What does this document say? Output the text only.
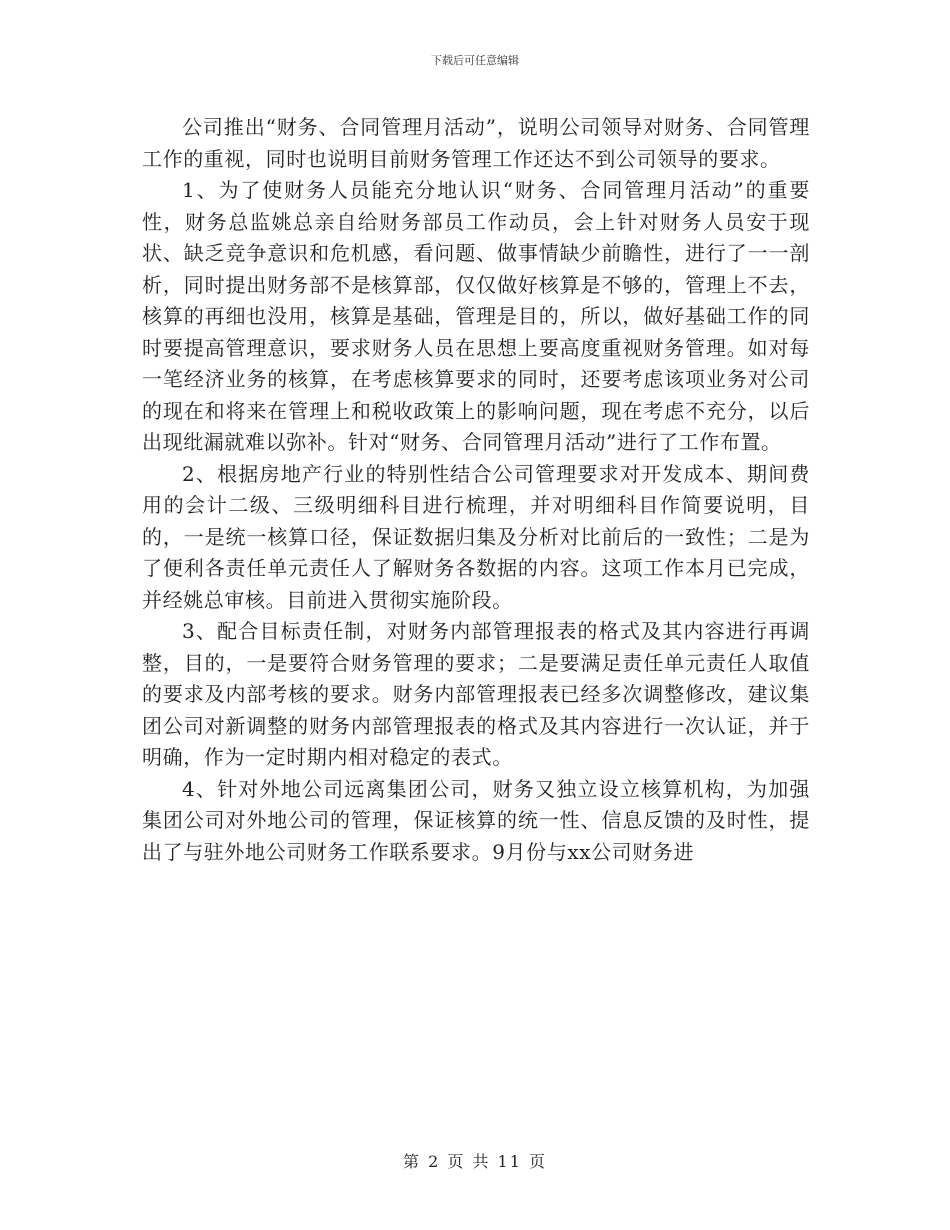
下载后可任意编辑

公司推出“财务、合同管理月活动”，说明公司领导对财务、合同管理工作的重视，同时也说明目前财务管理工作还达不到公司领导的要求。

1、为了使财务人员能充分地认识“财务、合同管理月活动”的重要性，财务总监姚总亲自给财务部员工作动员，会上针对财务人员安于现状、缺乏竞争意识和危机感，看问题、做事情缺少前瞻性，进行了一一剖析，同时提出财务部不是核算部，仅仅做好核算是不够的，管理上不去，核算的再细也没用，核算是基础，管理是目的，所以，做好基础工作的同时要提高管理意识，要求财务人员在思想上要高度重视财务管理。如对每一笔经济业务的核算，在考虑核算要求的同时，还要考虑该项业务对公司的现在和将来在管理上和税收政策上的影响问题，现在考虑不充分，以后出现纰漏就难以弥补。针对“财务、合同管理月活动”进行了工作布置。

2、根据房地产行业的特别性结合公司管理要求对开发成本、期间费用的会计二级、三级明细科目进行梳理，并对明细科目作简要说明，目的，一是统一核算口径，保证数据归集及分析对比前后的一致性；二是为了便利各责任单元责任人了解财务各数据的内容。这项工作本月已完成，并经姚总审核。目前进入贯彻实施阶段。

3、配合目标责任制，对财务内部管理报表的格式及其内容进行再调整，目的，一是要符合财务管理的要求；二是要满足责任单元责任人取值的要求及内部考核的要求。财务内部管理报表已经多次调整修改，建议集团公司对新调整的财务内部管理报表的格式及其内容进行一次认证，并于明确，作为一定时期内相对稳定的表式。

4、针对外地公司远离集团公司，财务又独立设立核算机构，为加强集团公司对外地公司的管理，保证核算的统一性、信息反馈的及时性，提出了与驻外地公司财务工作联系要求。9月份与xx公司财务进

第 2 页 共 11 页
